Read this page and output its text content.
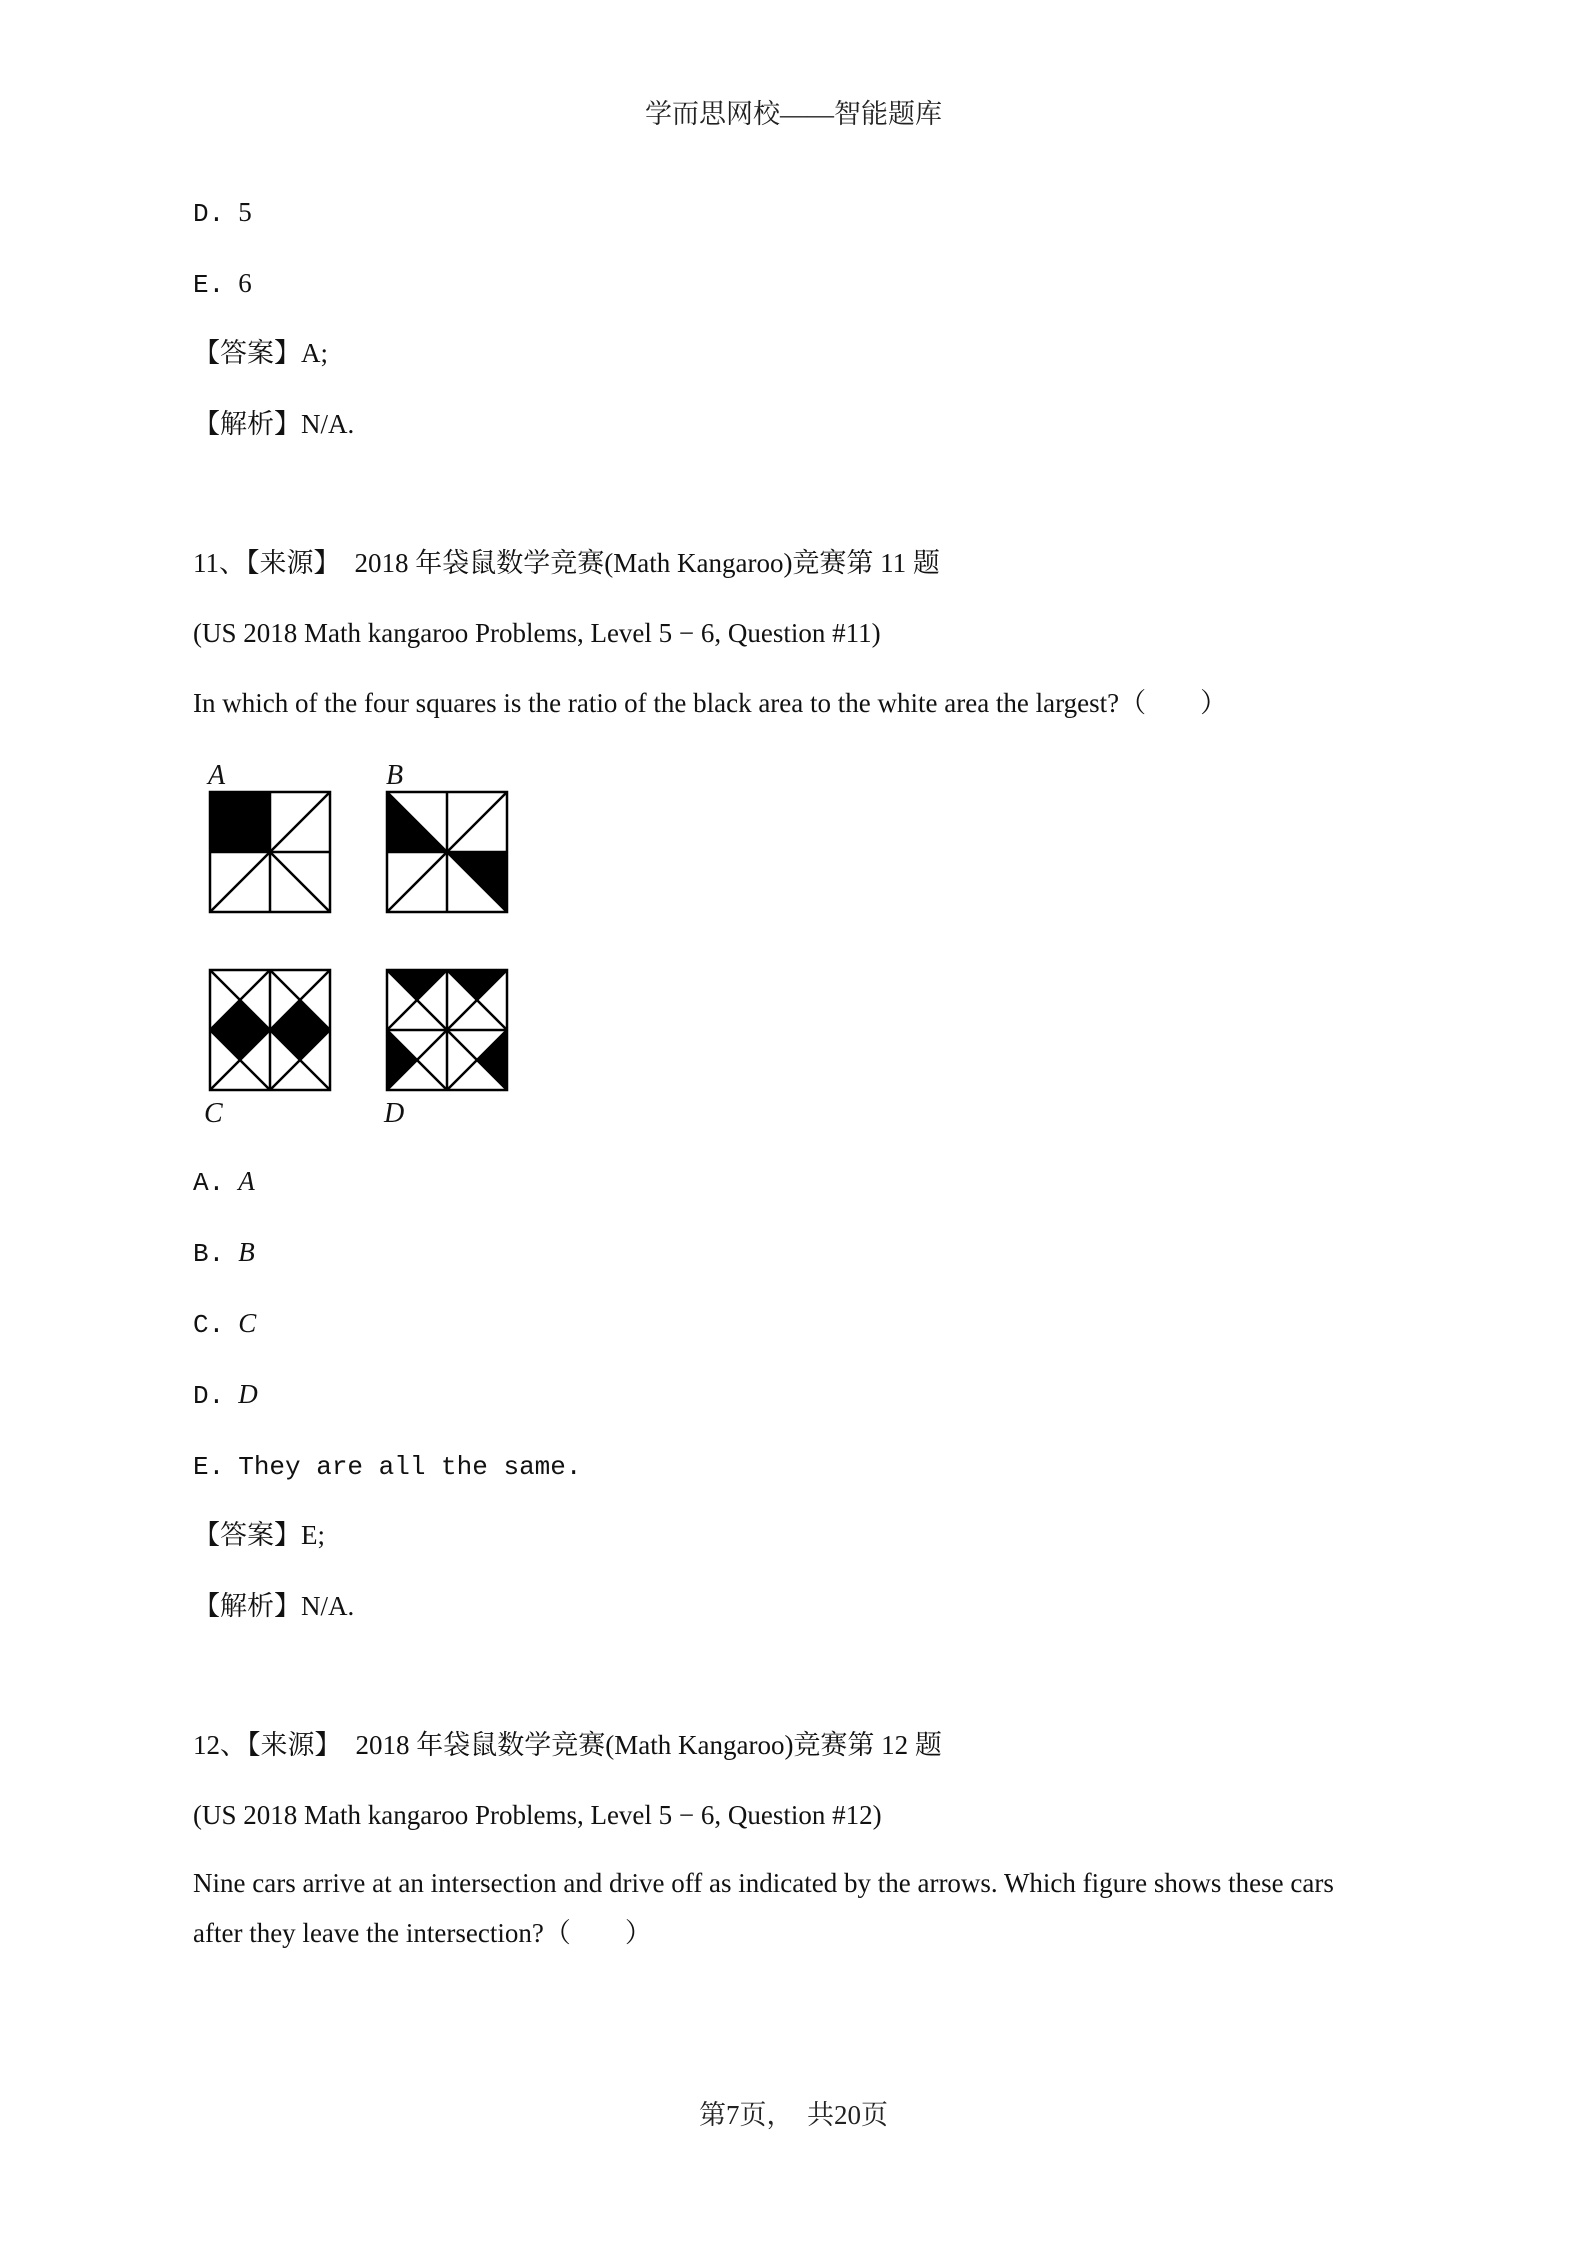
学而思网校——智能题库
D. 5
E. 6
【答案】A;
【解析】N/A.
11、【来源】 2018 年袋鼠数学竞赛(Math Kangaroo)竞赛第 11 题
(US 2018 Math kangaroo Problems, Level 5 − 6, Question #11)
In which of the four squares is the ratio of the black area to the white area the largest?（　　）
A	B
C	D
A. A
B. B
C. C
D. D
E. They are all the same.
【答案】E;
【解析】N/A.
12、【来源】 2018 年袋鼠数学竞赛(Math Kangaroo)竞赛第 12 题
(US 2018 Math kangaroo Problems, Level 5 − 6, Question #12)
Nine cars arrive at an intersection and drive off as indicated by the arrows. Which figure shows these cars
after they leave the intersection?（　　）
第7页，　共20页
